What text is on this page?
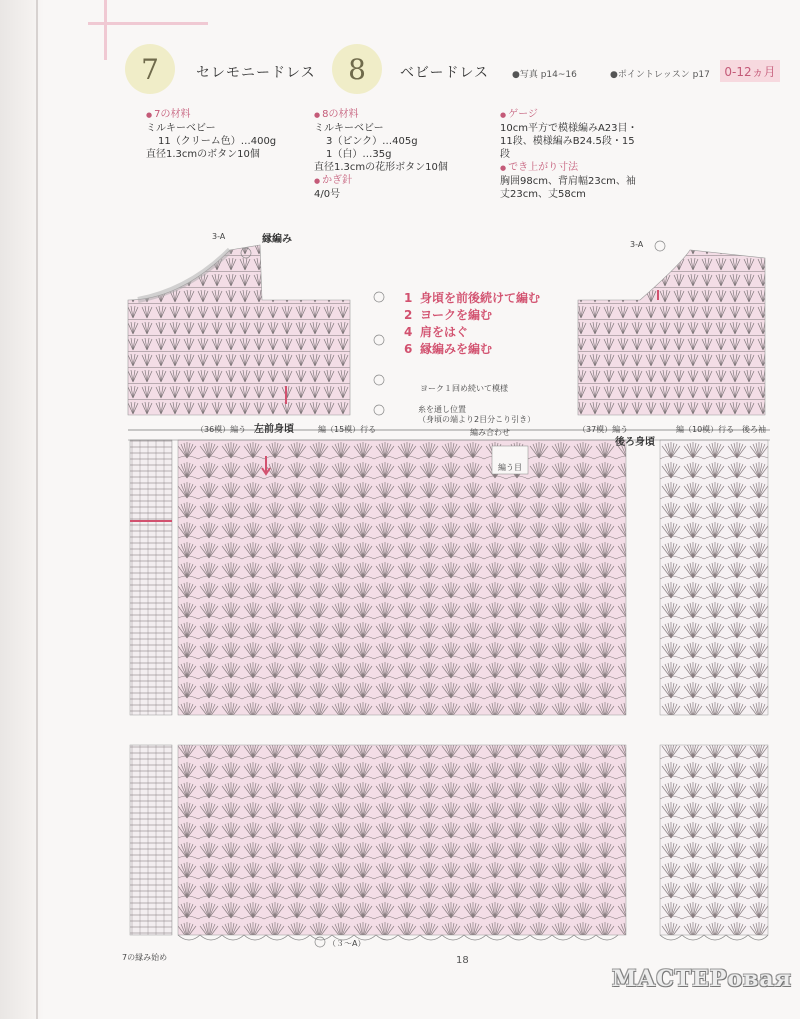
7	セレモニードレス	8	ベビードレス	●写真 p14~16	●ポイントレッスン p17	0-12ヵ月
● 7の材料
ミルキーベビー
11（クリーム色）…400g
直径1.3cmのボタン10個
● 8の材料
ミルキーベビー
3（ピンク）…405g
1（白）…35g
直径1.3cmの花形ボタン10個
● かぎ針
4/0号
● ゲージ
10cm平方で模様編みA23目・
11段、模様編みB24.5段・15
段
● でき上がり寸法
胸囲98cm、背肩幅23cm、袖
丈23cm、丈58cm
1 身頃を前後続けて編む
2 ヨークを編む
4 肩をはぐ
6 縁編みを編む
縁編み
3-A
3-A
左前身頃
後ろ身頃
（36模）編う	編（15模）行る	（37模）編う	編（10模）行る 後ろ袖
ヨーク１回め続いて模様
糸を通し位置
（身頃の端より2目分こり引き）
編み合わせ
編う目
7の縁み始め
（３〜A）
18
МАСТЕРовая
